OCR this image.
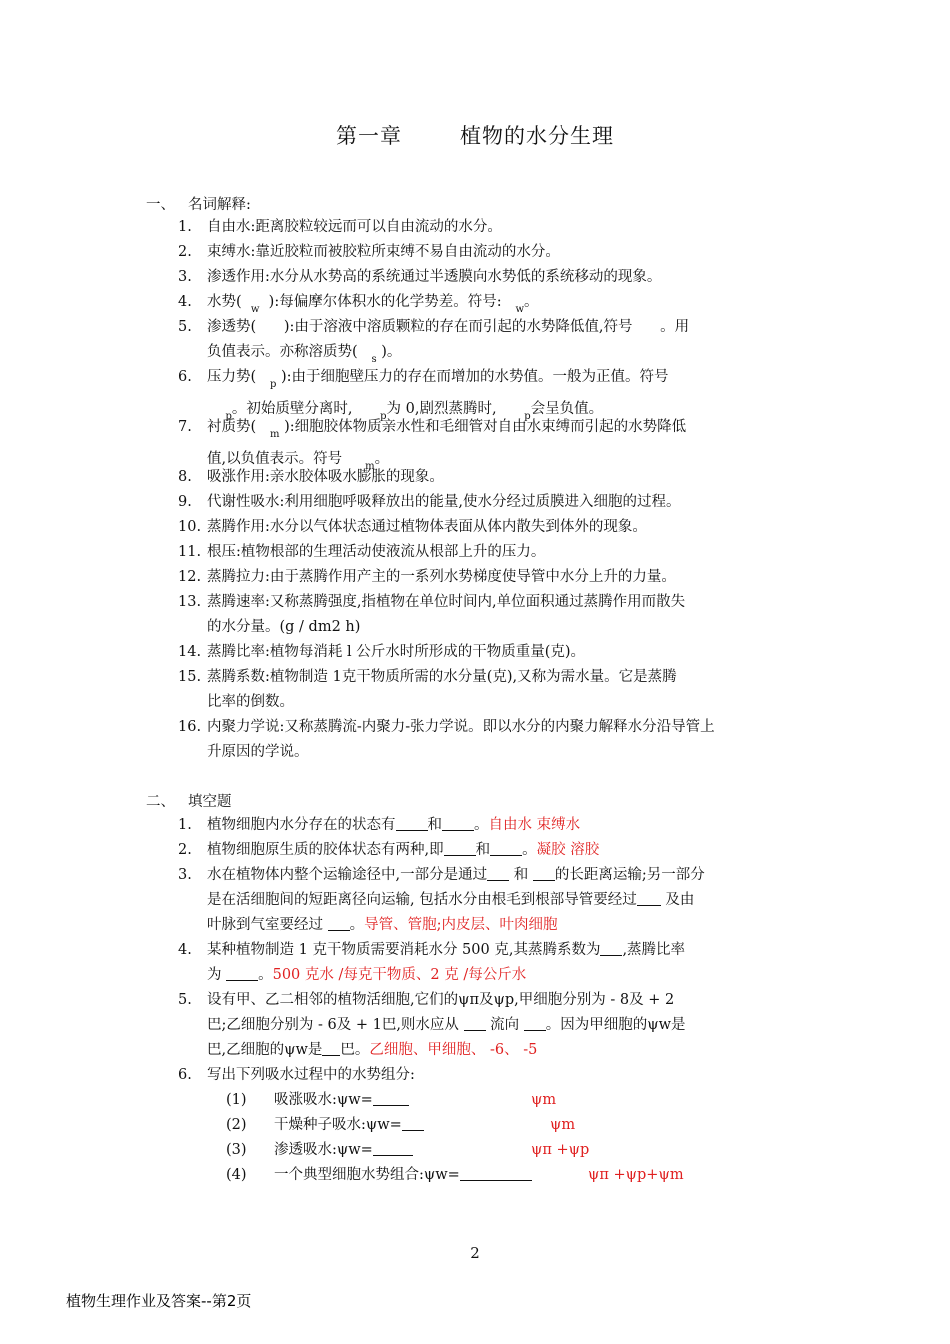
第一章	植物的水分生理
一、 名词解释:
1. 自由水:距离胶粒较远而可以自由流动的水分。
2. 束缚水:靠近胶粒而被胶粒所束缚不易自由流动的水分。
3. 渗透作用:水分从水势高的系统通过半透膜向水势低的系统移动的现象。
4. 水势( $_w$ ):每偏摩尔体积水的化学势差。符号: $_w$。
5. 渗透势( ):由于溶液中溶质颗粒的存在而引起的水势降低值,符号 。用
负值表示。亦称溶质势( $_s$ )。
6. 压力势( $_p$ ):由于细胞壁压力的存在而增加的水势值。一般为正值。符号
$_p$。初始质壁分离时,	$_p$为 0,剧烈蒸腾时,	$_p$会呈负值。
7. 衬质势( $_m$ ):细胞胶体物质亲水性和毛细管对自由水束缚而引起的水势降低
值,以负值表示。符号 $_m$。
8. 吸涨作用:亲水胶体吸水膨胀的现象。
9. 代谢性吸水:利用细胞呼吸释放出的能量,使水分经过质膜进入细胞的过程。
10. 蒸腾作用:水分以气体状态通过植物体表面从体内散失到体外的现象。
11. 根压:植物根部的生理活动使液流从根部上升的压力。
12. 蒸腾拉力:由于蒸腾作用产主的一系列水势梯度使导管中水分上升的力量。
13. 蒸腾速率:又称蒸腾强度,指植物在单位时间内,单位面积通过蒸腾作用而散失
的水分量。(g / dm2 h)
14. 蒸腾比率:植物每消耗 l 公斤水时所形成的干物质重量(克)。
15. 蒸腾系数:植物制造 1克干物质所需的水分量(克),又称为需水量。它是蒸腾
比率的倒数。
16. 内聚力学说:又称蒸腾流-内聚力-张力学说。即以水分的内聚力解释水分沿导管上
升原因的学说。
二、 填空题
1. 植物细胞内水分存在的状态有 和 。自由水 束缚水
2. 植物细胞原生质的胶体状态有两种,即 和 。凝胶 溶胶
3. 水在植物体内整个运输途径中,一部分是通过 和 的长距离运输;另一部分
是在活细胞间的短距离径向运输, 包括水分由根毛到根部导管要经过 及由
叶脉到气室要经过 。导管、管胞;内皮层、叶肉细胞
4. 某种植物制造 1 克干物质需要消耗水分 500 克,其蒸腾系数为 ,蒸腾比率
为	。500 克水 /每克干物质、2 克 /每公斤水
5. 设有甲、乙二相邻的植物活细胞,它们的ψπ及ψp,甲细胞分别为 - 8及 + 2
巴;乙细胞分别为 - 6及 + 1巴,则水应从 流向 。因为甲细胞的ψw是
巴,乙细胞的ψw是 巴。乙细胞、甲细胞、 -6、 -5
6. 写出下列吸水过程中的水势组分:
(1) 吸涨吸水:ψw=	ψm
(2) 干燥种子吸水:ψw=	ψm
(3) 渗透吸水:ψw=	ψπ +ψp
(4) 一个典型细胞水势组合:ψw=	ψπ +ψp+ψm
2
植物生理作业及答案--第2页
